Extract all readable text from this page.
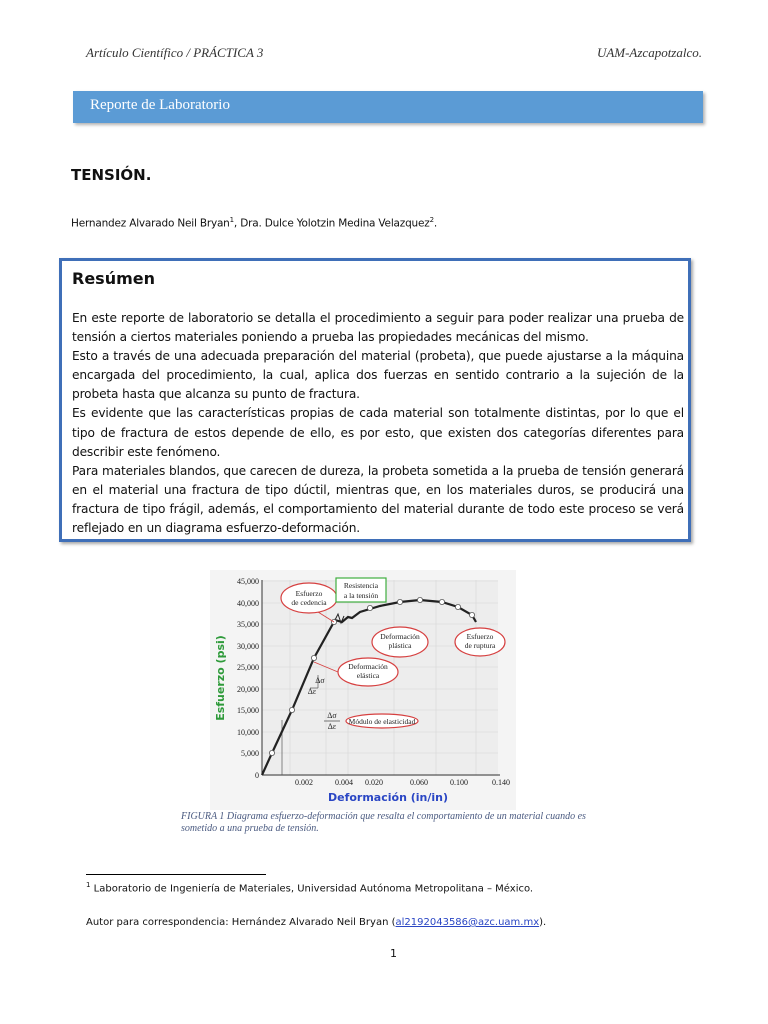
Artículo Científico / PRÁCTICA 3	UAM-Azcapotzalco.
Reporte de Laboratorio
TENSIÓN.
Hernandez Alvarado Neil Bryan$^1$, Dra. Dulce Yolotzin Medina Velazquez$^2$.
Resúmen

En este reporte de laboratorio se detalla el procedimiento a seguir para poder realizar una prueba de tensión a ciertos materiales poniendo a prueba las propiedades mecánicas del mismo.

Esto a través de una adecuada preparación del material (probeta), que puede ajustarse a la máquina encargada del procedimiento, la cual, aplica dos fuerzas en sentido contrario a la sujeción de la probeta hasta que alcanza su punto de fractura.

Es evidente que las características propias de cada material son totalmente distintas, por lo que el tipo de fractura de estos depende de ello, es por esto, que existen dos categorías diferentes para describir este fenómeno.

Para materiales blandos, que carecen de dureza, la probeta sometida a la prueba de tensión generará en el material una fractura de tipo dúctil, mientras que, en los materiales duros, se producirá una fractura de tipo frágil, además, el comportamiento del material durante de todo este proceso se verá reflejado en un diagrama esfuerzo-deformación.

45,000
40,000
35,000
30,000
25,000
20,000
15,000
10,000
5,000
0
0.002	0.004 0.020	0.060	0.100	0.140
Esfuerzo (psi)
Deformación (in/in)
Esfuerzo
de cedencia
Resistencia
a la tensión
Deformación
plástica
Esfuerzo
de ruptura
Deformación
elástica
Δσ
Δε
Δσ
Δε
Módulo de elasticidad
FIGURA 1 Diagrama esfuerzo-deformación que resalta el comportamiento de un material cuando es sometido a una prueba de tensión.
$^1$ Laboratorio de Ingeniería de Materiales, Universidad Autónoma Metropolitana – México.
Autor para correspondencia: Hernández Alvarado Neil Bryan (al2192043586@azc.uam.mx).
1
